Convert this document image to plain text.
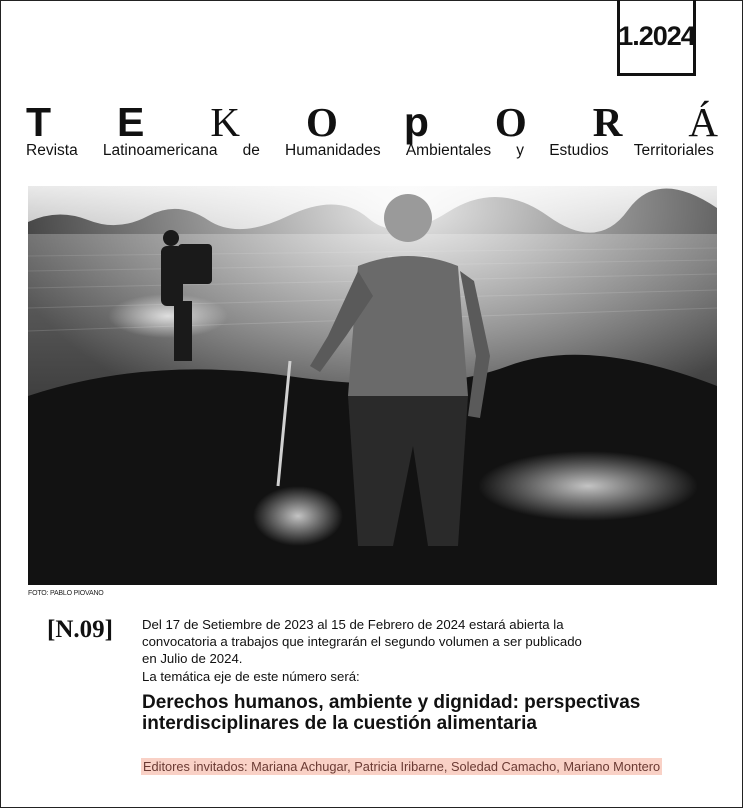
1.2024
T E K O p O R Á
Revista Latinoamericana de Humanidades Ambientales y Estudios Territoriales
FOTO: PABLO PIOVANO
[N.09] Del 17 de Setiembre de 2023 al 15 de Febrero de 2024 estará abierta la

convocatoria a trabajos que integrarán el segundo volumen a ser publicado

en Julio de 2024.

La temática eje de este número será:

Derechos humanos, ambiente y dignidad: perspectivas

interdisciplinares de la cuestión alimentaria

Editores invitados: Mariana Achugar, Patricia Iribarne, Soledad Camacho, Mariano Montero
